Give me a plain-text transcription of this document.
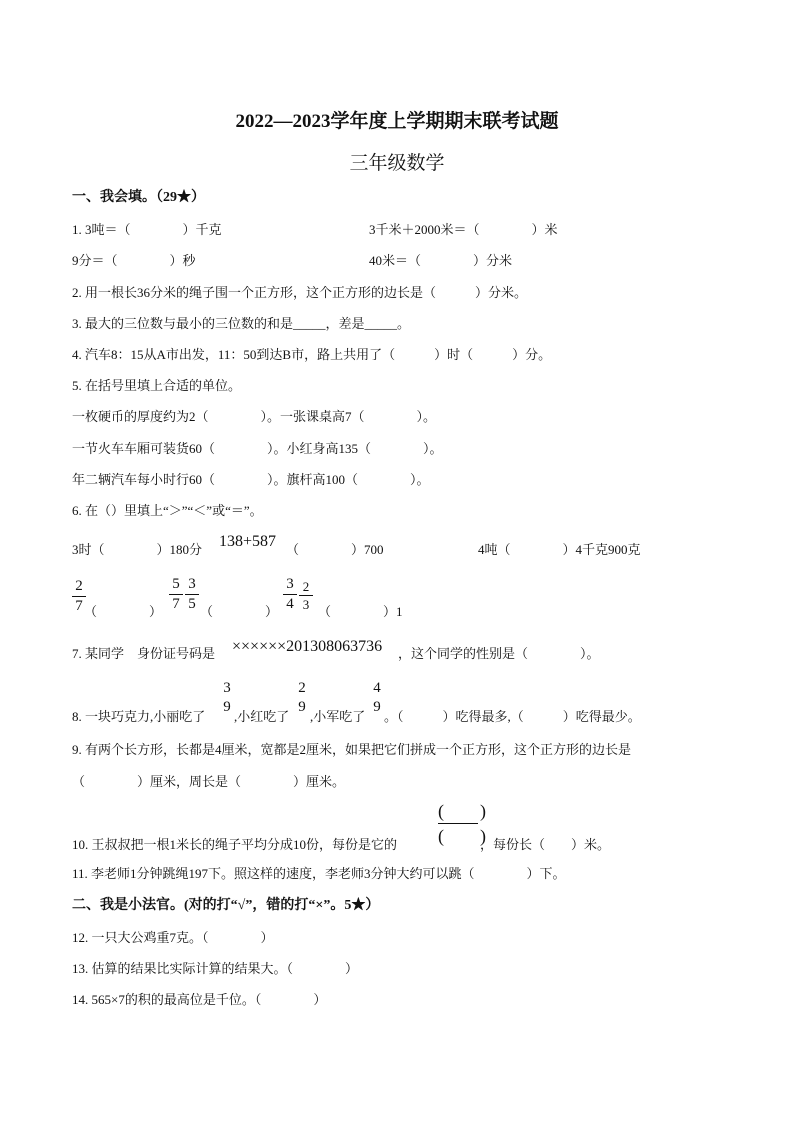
2022—2023学年度上学期期末联考试题
三年级数学
一、我会填。（29★）
1. 3吨＝（　　　　）千克	3千米＋2000米＝（　　　　）米
9分＝（　　　　）秒	40米＝（　　　　）分米
2. 用一根长36分米的绳子围一个正方形，这个正方形的边长是（　　　）分米。
3. 最大的三位数与最小的三位数的和是_____，差是_____。
4. 汽车8：15从A市出发，11：50到达B市，路上共用了（　　　）时（　　　）分。
5. 在括号里填上合适的单位。
一枚硬币的厚度约为2（　　　　）。一张课桌高7（　　　　）。
一节火车车厢可装货60（　　　　）。小红身高135（　　　　）。
年二辆汽车每小时行60（　　　　）。旗杆高100（　　　　）。
6. 在（）里填上“＞”“＜”或“＝”。
3时（　　　　）180分 138+587 （　　　　）700	4吨（　　　　）4千克900克
2
7 （　　　　）
5
7
3
5 （　　　　）
3
4
2
3 （　　　　）1
7. 某同学　身份证号码是 ××××××201308063736 ，这个同学的性别是（　　　　）。
8. 一块巧克力,小丽吃了
3
9
,小红吃了
2
9
,小军吃了
4
9
。（　　　）吃得最多,（　　　）吃得最少。
9. 有两个长方形，长都是4厘米，宽都是2厘米，如果把它们拼成一个正方形，这个正方形的边长是
（　　　　）厘米，周长是（　　　　）厘米。
(　　)
(　　)
10. 王叔叔把一根1米长的绳子平均分成10份，每份是它的	，每份长（　　）米。
11. 李老师1分钟跳绳197下。照这样的速度，李老师3分钟大约可以跳（　　　　）下。
二、我是小法官。(对的打“√”，错的打“×”。5★）
12. 一只大公鸡重7克。（　　　　）
13. 估算的结果比实际计算的结果大。（　　　　）
14. 565×7的积的最高位是千位。（　　　　）
